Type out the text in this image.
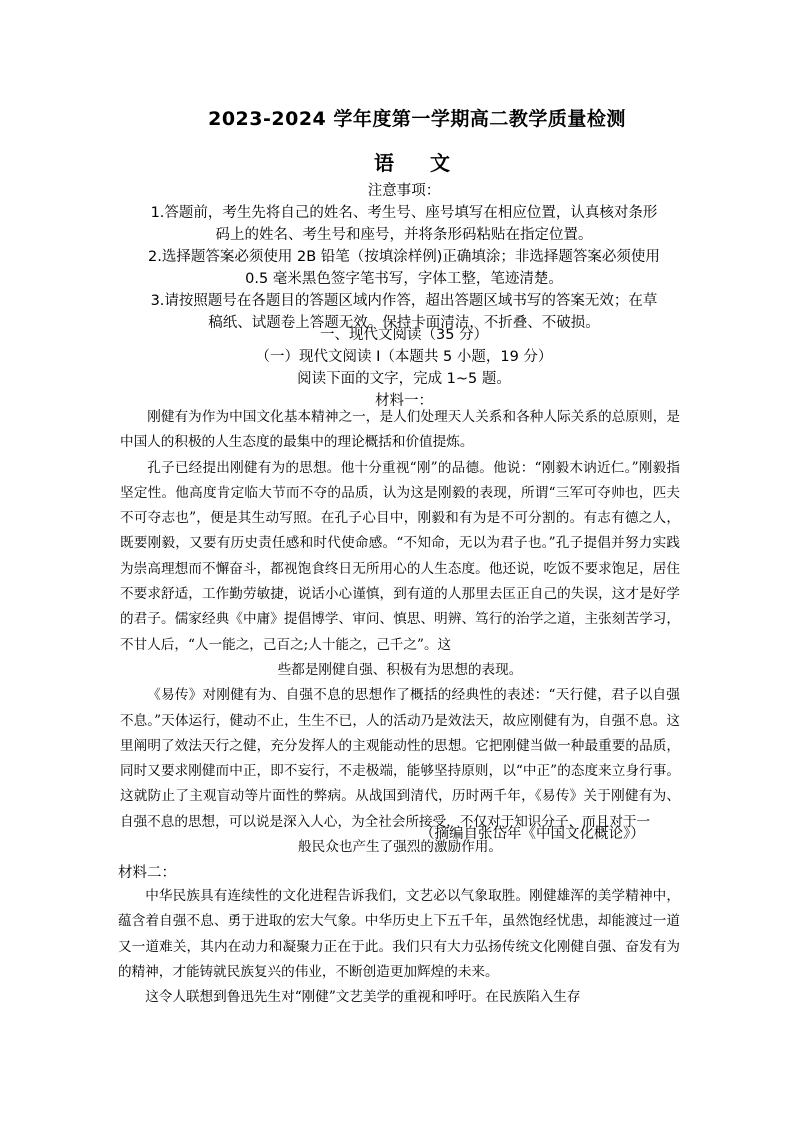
2023-2024 学年度第一学期高二教学质量检测
语 文

注意事项：

1.答题前，考生先将自己的姓名、考生号、座号填写在相应位置，认真核对条形

码上的姓名、考生号和座号，并将条形码粘贴在指定位置。

2.选择题答案必须使用 2B 铅笔（按填涂样例)正确填涂；非选择题答案必须使用

0.5 毫米黑色签字笔书写，字体工整，笔迹清楚。

3.请按照题号在各题目的答题区域内作答，超出答题区域书写的答案无效；在草

稿纸、试题卷上答题无效。保持卡面清洁，不折叠、不破损。

一、现代文阅读（35 分）

（一）现代文阅读 I（本题共 5 小题，19 分）

阅读下面的文字，完成 1~5 题。

材料一：

刚健有为作为中国文化基本精神之一，是人们处理天人关系和各种人际关系的总原则，是中国人的积极的人生态度的最集中的理论概括和价值提炼。

孔子已经提出刚健有为的思想。他十分重视“刚”的品德。他说：“刚毅木讷近仁。”刚毅指坚定性。他高度肯定临大节而不夺的品质，认为这是刚毅的表现，所谓“三军可夺帅也，匹夫不可夺志也”，便是其生动写照。在孔子心目中，刚毅和有为是不可分割的。有志有德之人，既要刚毅，又要有历史责任感和时代使命感。“不知命，无以为君子也。”孔子提倡并努力实践为崇高理想而不懈奋斗，都视饱食终日无所用心的人生态度。他还说，吃饭不要求饱足，居住不要求舒适，工作勤劳敏捷，说话小心谨慎，到有道的人那里去匡正自己的失误，这才是好学的君子。儒家经典《中庸》提倡博学、审问、慎思、明辨、笃行的治学之道，主张刻苦学习，不甘人后，“人一能之，己百之;人十能之，己千之”。这

些都是刚健自强、积极有为思想的表现。

《易传》对刚健有为、自强不息的思想作了概括的经典性的表述：“天行健，君子以自强不息。”天体运行，健动不止，生生不已，人的活动乃是效法天，故应刚健有为，自强不息。这里阐明了效法天行之健，充分发挥人的主观能动性的思想。它把刚健当做一种最重要的品质，同时又要求刚健而中正，即不妄行，不走极端，能够坚持原则，以“中正”的态度来立身行事。这就防止了主观盲动等片面性的弊病。从战国到清代，历时两千年，《易传》关于刚健有为、自强不息的思想，可以说是深入人心，为全社会所接受，不仅对于知识分子，而且对于一

般民众也产生了强烈的激励作用。

（摘编自张岱年《中国文化概论》）
材料二：

中华民族具有连续性的文化进程告诉我们，文艺必以气象取胜。刚健雄浑的美学精神中，蕴含着自强不息、勇于进取的宏大气象。中华历史上下五千年，虽然饱经忧患，却能渡过一道又一道难关，其内在动力和凝聚力正在于此。我们只有大力弘扬传统文化刚健自强、奋发有为的精神，才能铸就民族复兴的伟业，不断创造更加辉煌的未来。

这令人联想到鲁迅先生对“刚健”文艺美学的重视和呼吁。在民族陷入生存
